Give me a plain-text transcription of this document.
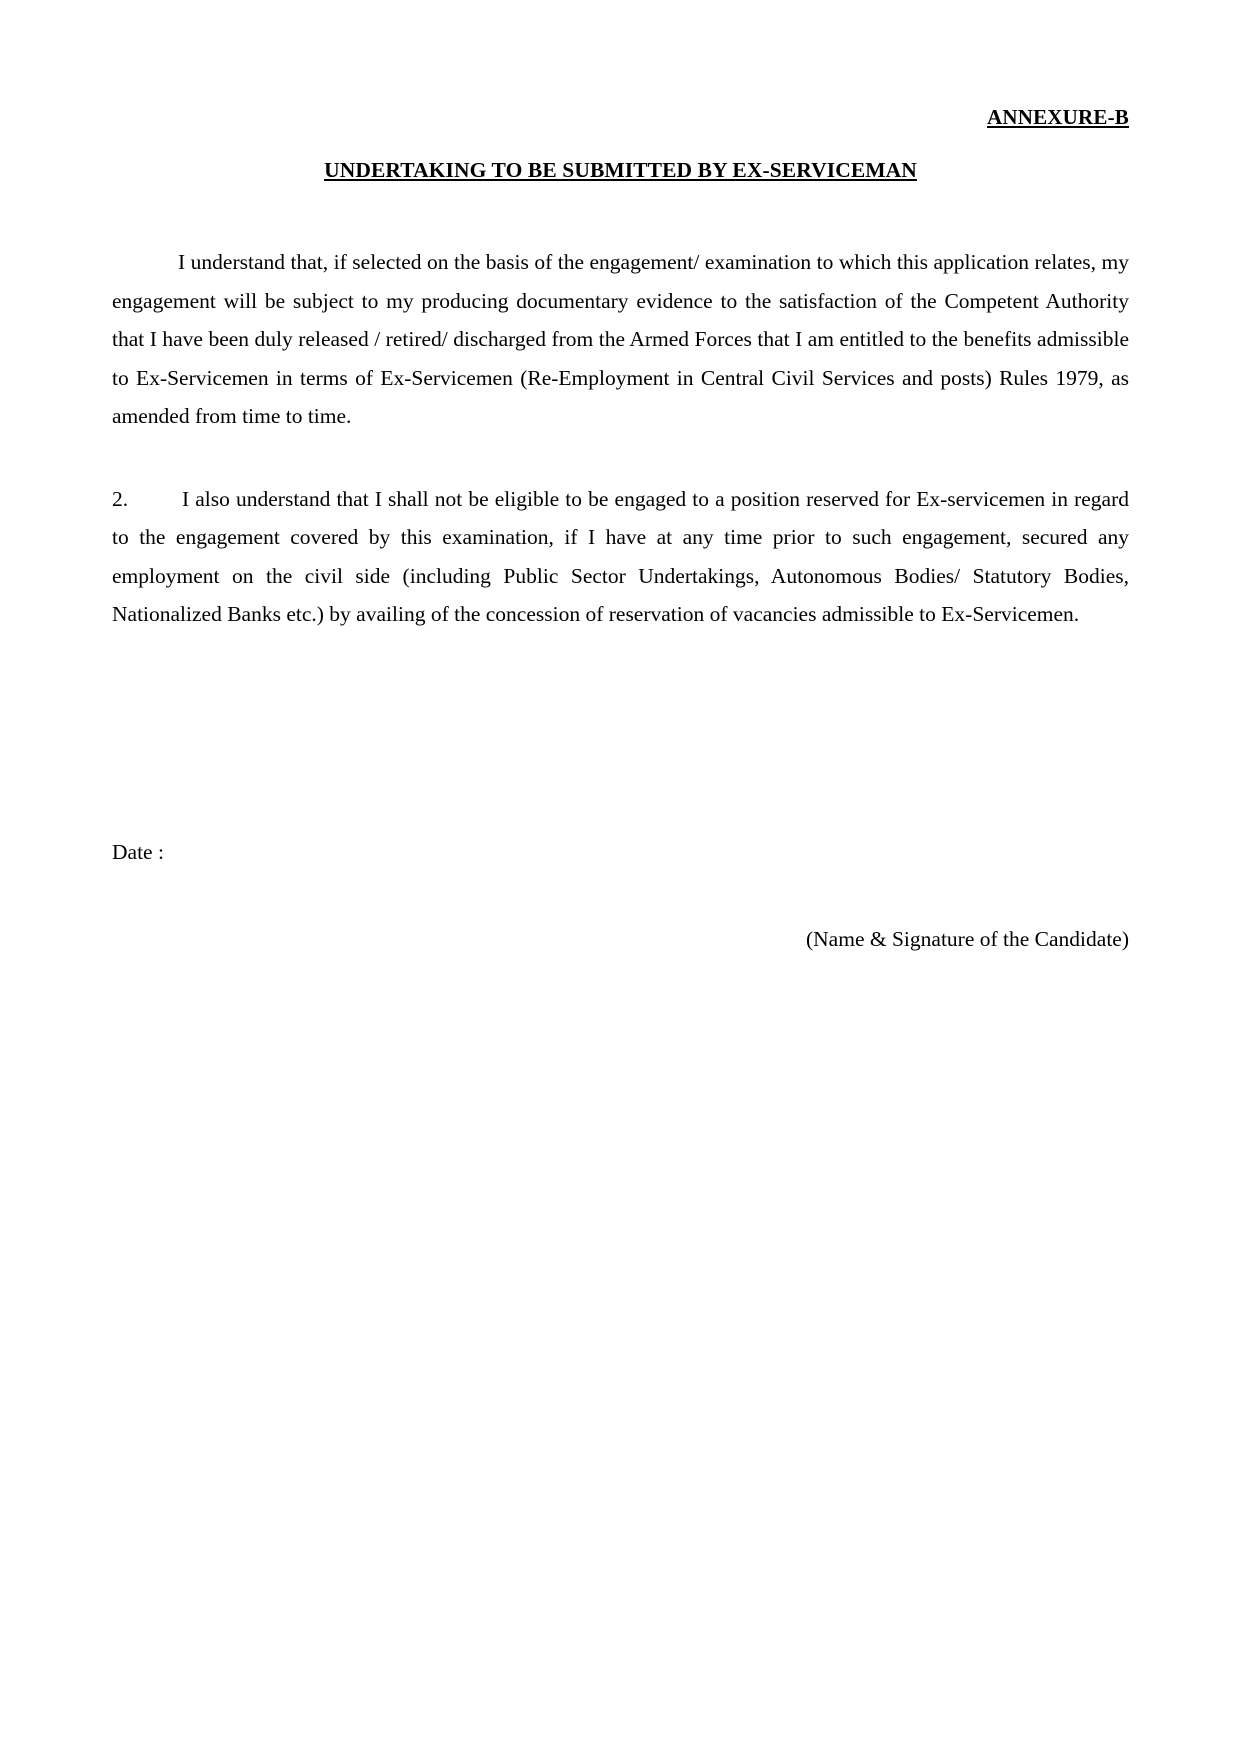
ANNEXURE-B
UNDERTAKING TO BE SUBMITTED BY EX-SERVICEMAN

I understand that, if selected on the basis of the engagement/ examination to which this application relates, my engagement will be subject to my producing documentary evidence to the satisfaction of the Competent Authority that I have been duly released / retired/ discharged from the Armed Forces that I am entitled to the benefits admissible to Ex-Servicemen in terms of Ex-Servicemen (Re-Employment in Central Civil Services and posts) Rules 1979, as amended from time to time.

2.	I also understand that I shall not be eligible to be engaged to a position reserved for Ex-servicemen in regard to the engagement covered by this examination, if I have at any time prior to such engagement, secured any employment on the civil side (including Public Sector Undertakings, Autonomous Bodies/ Statutory Bodies, Nationalized Banks etc.) by availing of the concession of reservation of vacancies admissible to Ex-Servicemen.
Date :
(Name & Signature of the Candidate)
